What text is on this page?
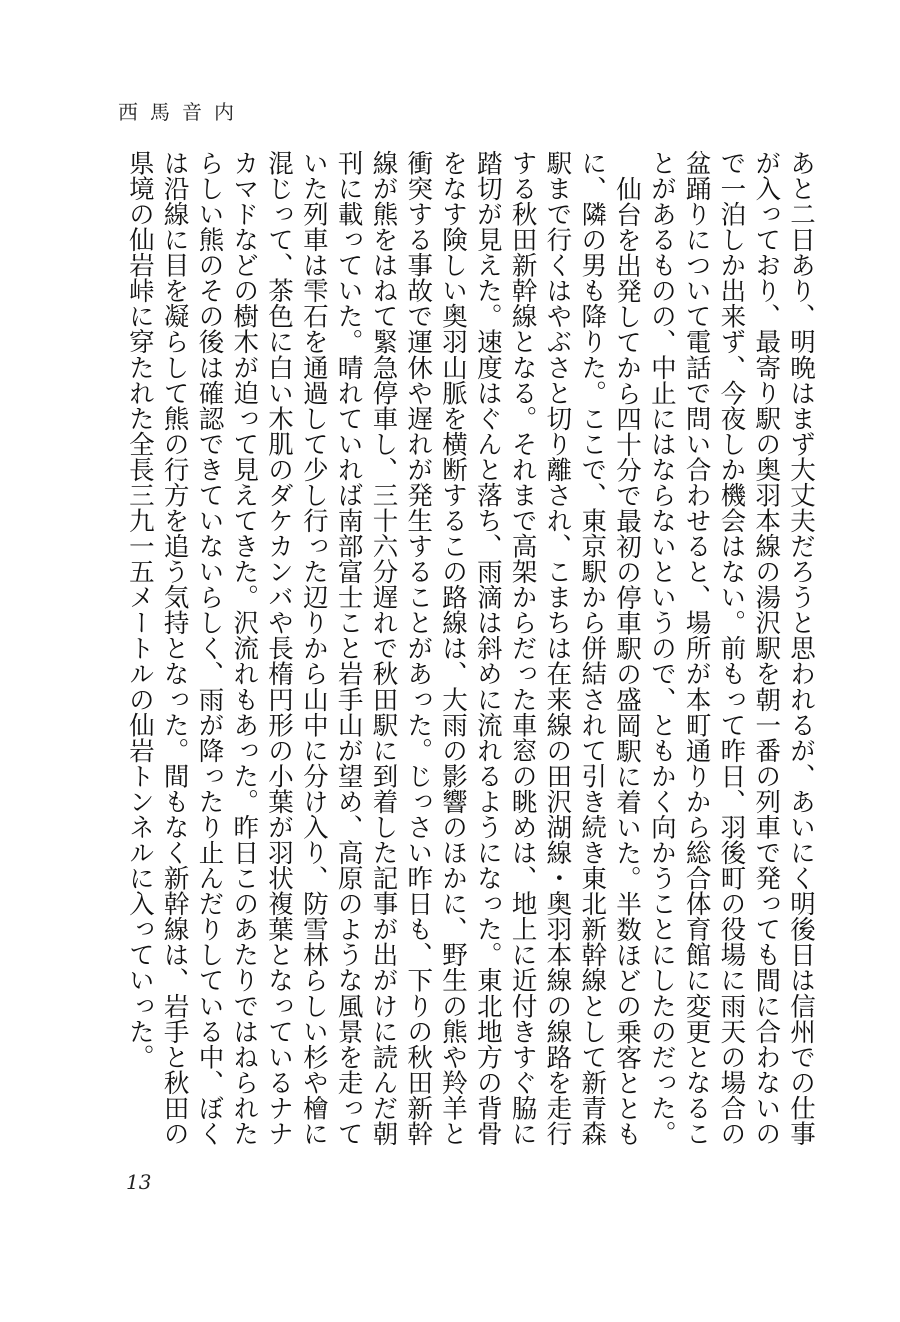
西馬音内

あと二日あり、明晩はまず大丈夫だろうと思われるが、あいにく明後日は信州での仕事が入っており、最寄り駅の奥羽本線の湯沢駅を朝一番の列車で発っても間に合わないので一泊しか出来ず、今夜しか機会はない。前もって昨日、羽後町の役場に雨天の場合の盆踊りについて電話で問い合わせると、場所が本町通りから総合体育館に変更となることがあるものの、中止にはならないというので、ともかく向かうことにしたのだった。

仙台を出発してから四十分で最初の停車駅の盛岡駅に着いた。半数ほどの乗客とともに、隣の男も降りた。ここで、東京駅から併結されて引き続き東北新幹線として新青森駅まで行くはやぶさと切り離され、こまちは在来線の田沢湖線・奥羽本線の線路を走行する秋田新幹線となる。それまで高架からだった車窓の眺めは、地上に近付きすぐ脇に踏切が見えた。速度はぐんと落ち、雨滴は斜めに流れるようになった。東北地方の背骨をなす険しい奥羽山脈を横断するこの路線は、大雨の影響のほかに、野生の熊や羚羊と衝突する事故で運休や遅れが発生することがあった。じっさい昨日も、下りの秋田新幹線が熊をはねて緊急停車し、三十六分遅れで秋田駅に到着した記事が出がけに読んだ朝刊に載っていた。晴れていれば南部富士こと岩手山が望め、高原のような風景を走っていた列車は雫石を通過して少し行った辺りから山中に分け入り、防雪林らしい杉や檜に混じって、茶色に白い木肌のダケカンバや長楕円形の小葉が羽状複葉となっているナナカマドなどの樹木が迫って見えてきた。沢流れもあった。昨日このあたりではねられたらしい熊のその後は確認できていないらしく、雨が降ったり止んだりしている中、ぼくは沿線に目を凝らして熊の行方を追う気持となった。間もなく新幹線は、岩手と秋田の県境の仙岩峠に穿たれた全長三九一五メートルの仙岩トンネルに入っていった。

13
